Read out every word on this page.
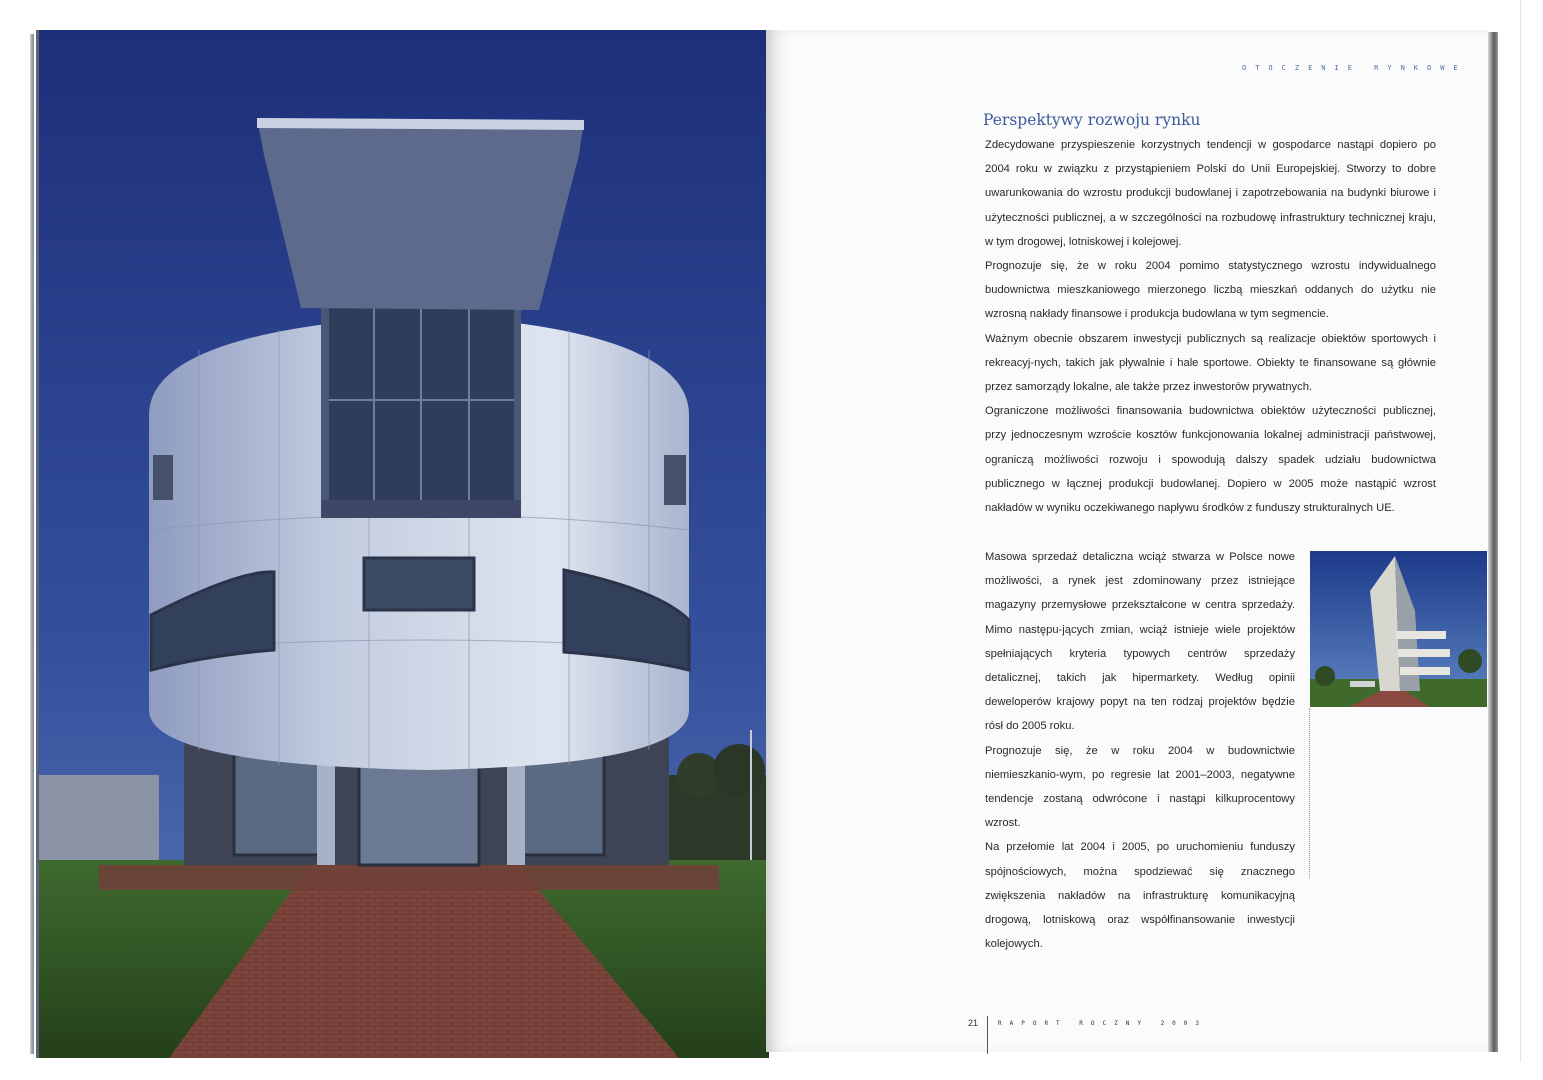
OTOCZENIE RYNKOWE
Perspektywy rozwoju rynku

Zdecydowane przyspieszenie korzystnych tendencji w gospodarce nastąpi dopiero po 2004 roku w związku z przystąpieniem Polski do Unii Europejskiej. Stworzy to dobre uwarunkowania do wzrostu produkcji budowlanej i zapotrzebowania na budynki biurowe i użyteczności publicznej, a w szczególności na rozbudowę infrastruktury technicznej kraju, w tym drogowej, lotniskowej i kolejowej.

Prognozuje się, że w roku 2004 pomimo statystycznego wzrostu indywidualnego budownictwa mieszkaniowego mierzonego liczbą mieszkań oddanych do użytku nie wzrosną nakłady finansowe i produkcja budowlana w tym segmencie.

Ważnym obecnie obszarem inwestycji publicznych są realizacje obiektów sportowych i rekreacyj-nych, takich jak pływalnie i hale sportowe. Obiekty te finansowane są głównie przez samorządy lokalne, ale także przez inwestorów prywatnych.

Ograniczone możliwości finansowania budownictwa obiektów użyteczności publicznej, przy jednoczesnym wzroście kosztów funkcjonowania lokalnej administracji państwowej, ograniczą możliwości rozwoju i spowodują dalszy spadek udziału budownictwa publicznego w łącznej produkcji budowlanej. Dopiero w 2005 może nastąpić wzrost nakładów w wyniku oczekiwanego napływu środków z funduszy strukturalnych UE.

Masowa sprzedaż detaliczna wciąż stwarza w Polsce nowe możliwości, a rynek jest zdominowany przez istniejące magazyny przemysłowe przekształcone w centra sprzedaży. Mimo następu-jących zmian, wciąż istnieje wiele projektów spełniających kryteria typowych centrów sprzedaży detalicznej, takich jak hipermarkety. Według opinii deweloperów krajowy popyt na ten rodzaj projektów będzie rósł do 2005 roku.

Prognozuje się, że w roku 2004 w budownictwie niemieszkanio-wym, po regresie lat 2001–2003, negatywne tendencje zostaną odwrócone i nastąpi kilkuprocentowy wzrost.

Na przełomie lat 2004 i 2005, po uruchomieniu funduszy spójnościowych, można spodziewać się znacznego zwiększenia nakładów na infrastrukturę komunikacyjną drogową, lotniskową oraz współfinansowanie inwestycji kolejowych.

21	RAPORT ROCZNY 2003
